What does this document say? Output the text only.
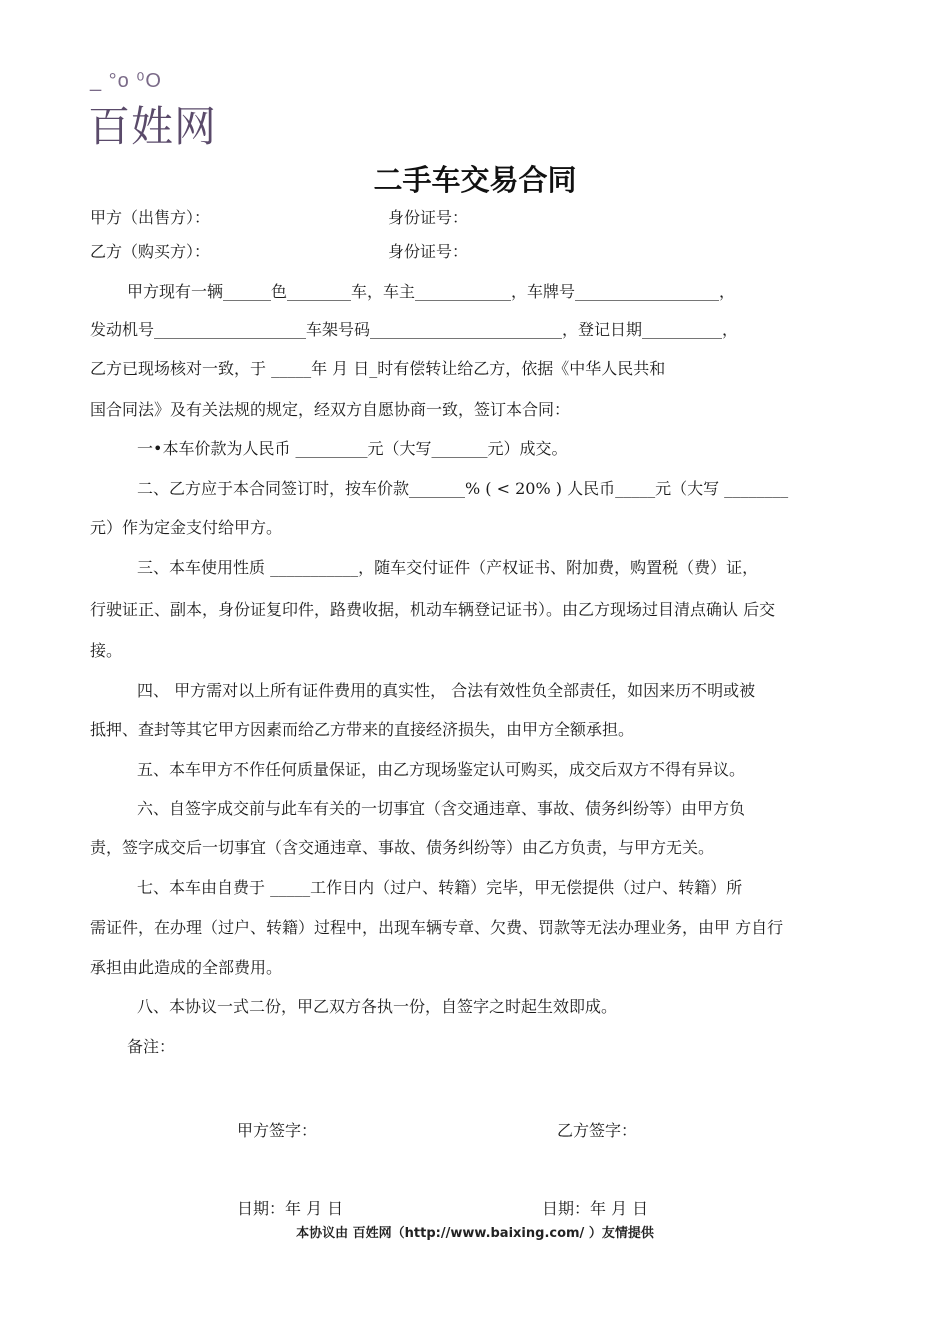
_ °o ⁰O
百姓网
二手车交易合同
甲方（出售方）：	身份证号：
乙方（购买方）：	身份证号：
甲方现有一辆______色________车，车主____________，车牌号__________________，
发动机号___________________车架号码________________________，登记日期__________，
乙方已现场核对一致，于 _____年 月 日_时有偿转让给乙方，依据《中华人民共和
国合同法》及有关法规的规定，经双方自愿协商一致，签订本合同：
一•本车价款为人民币 _________元（大写_______元）成交。
二、乙方应于本合同签订时，按车价款_______% ( < 20% ) 人民币_____元（大写 ________
元）作为定金支付给甲方。
三、本车使用性质 ___________，随车交付证件（产权证书、附加费，购置税（费）证，
行驶证正、副本，身份证复印件，路费收据，机动车辆登记证书）。由乙方现场过目清点确认 后交
接。
四、 甲方需对以上所有证件费用的真实性， 合法有效性负全部责任，如因来历不明或被
抵押、查封等其它甲方因素而给乙方带来的直接经济损失，由甲方全额承担。
五、本车甲方不作任何质量保证，由乙方现场鉴定认可购买，成交后双方不得有异议。
六、自签字成交前与此车有关的一切事宜（含交通违章、事故、债务纠纷等）由甲方负
责，签字成交后一切事宜（含交通违章、事故、债务纠纷等）由乙方负责，与甲方无关。
七、本车由自费于 _____工作日内（过户、转籍）完毕，甲无偿提供（过户、转籍）所
需证件，在办理（过户、转籍）过程中，出现车辆专章、欠费、罚款等无法办理业务，由甲 方自行
承担由此造成的全部费用。
八、本协议一式二份，甲乙双方各执一份，自签字之时起生效即成。
备注：
甲方签字：	乙方签字：
日期：年 月 日	日期：年 月 日
本协议由 百姓网（http://www.baixing.com/ ）友情提供
